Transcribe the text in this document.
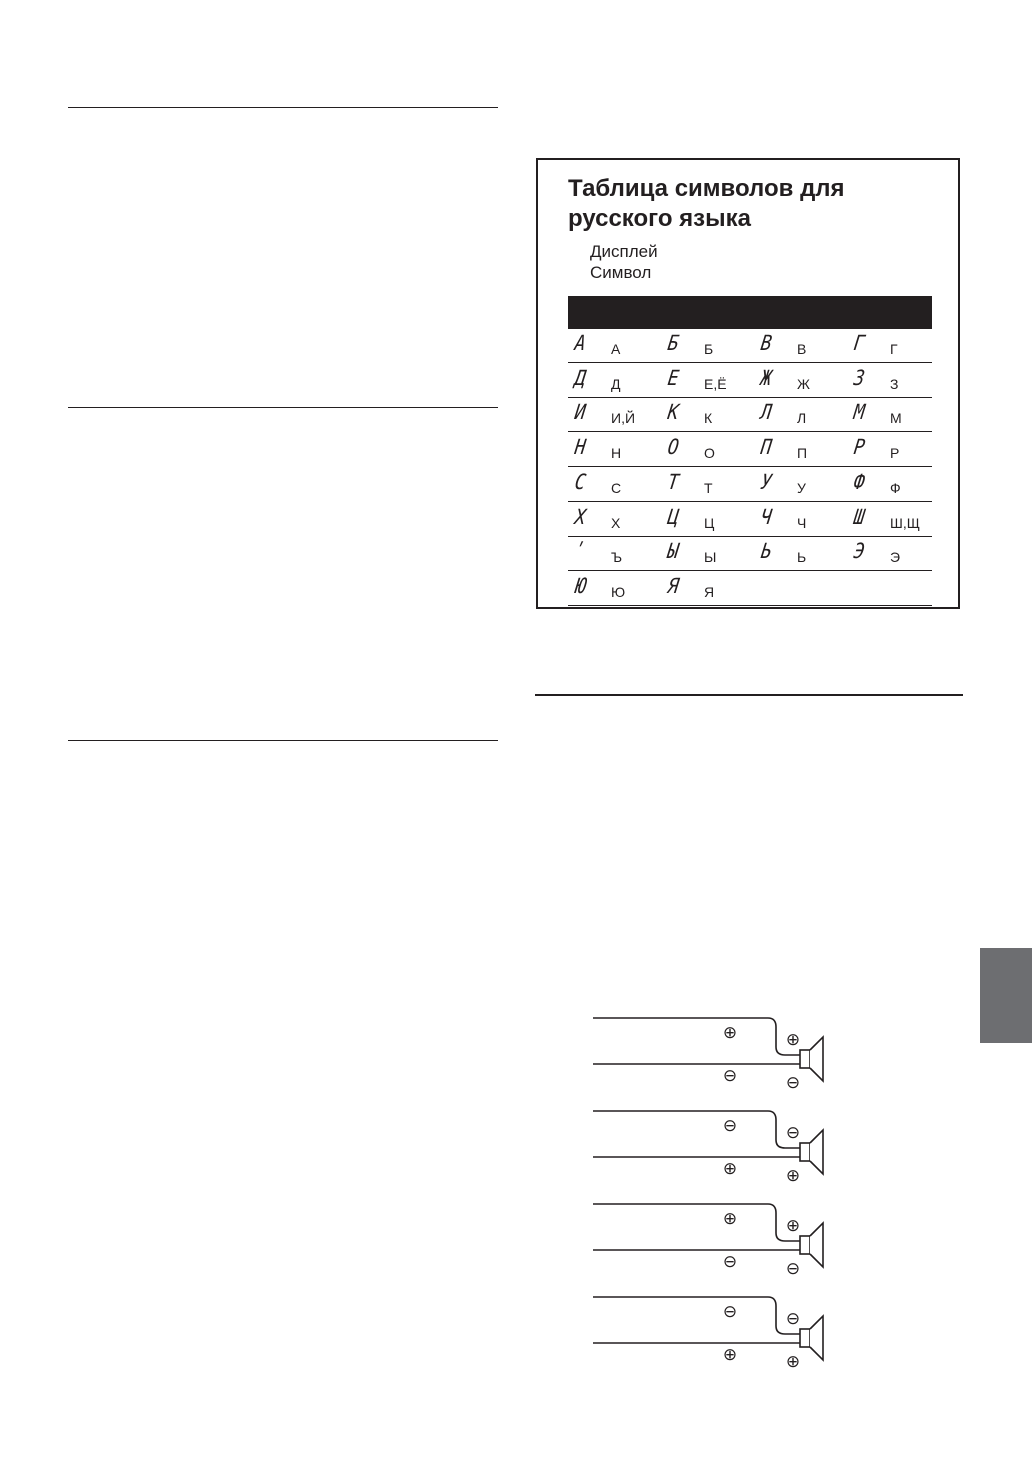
Таблица символов для русского языка
Дисплей
Символ
А А Б Б В В Г Г
Д Д Е Е,Ё Ж Ж З З
И И,Й К К Л Л М М
Н Н О О П П Р Р
С С Т Т У У Ф Ф
Х Х Ц Ц Ч Ч Ш Ш,Щ
ʹ Ъ Ы Ы Ь Ь Э Э
Ю Ю Я Я
⊕
⊖
⊕
⊖
⊖
⊕
⊖
⊕
⊕
⊖
⊕
⊖
⊖
⊕
⊖
⊕
